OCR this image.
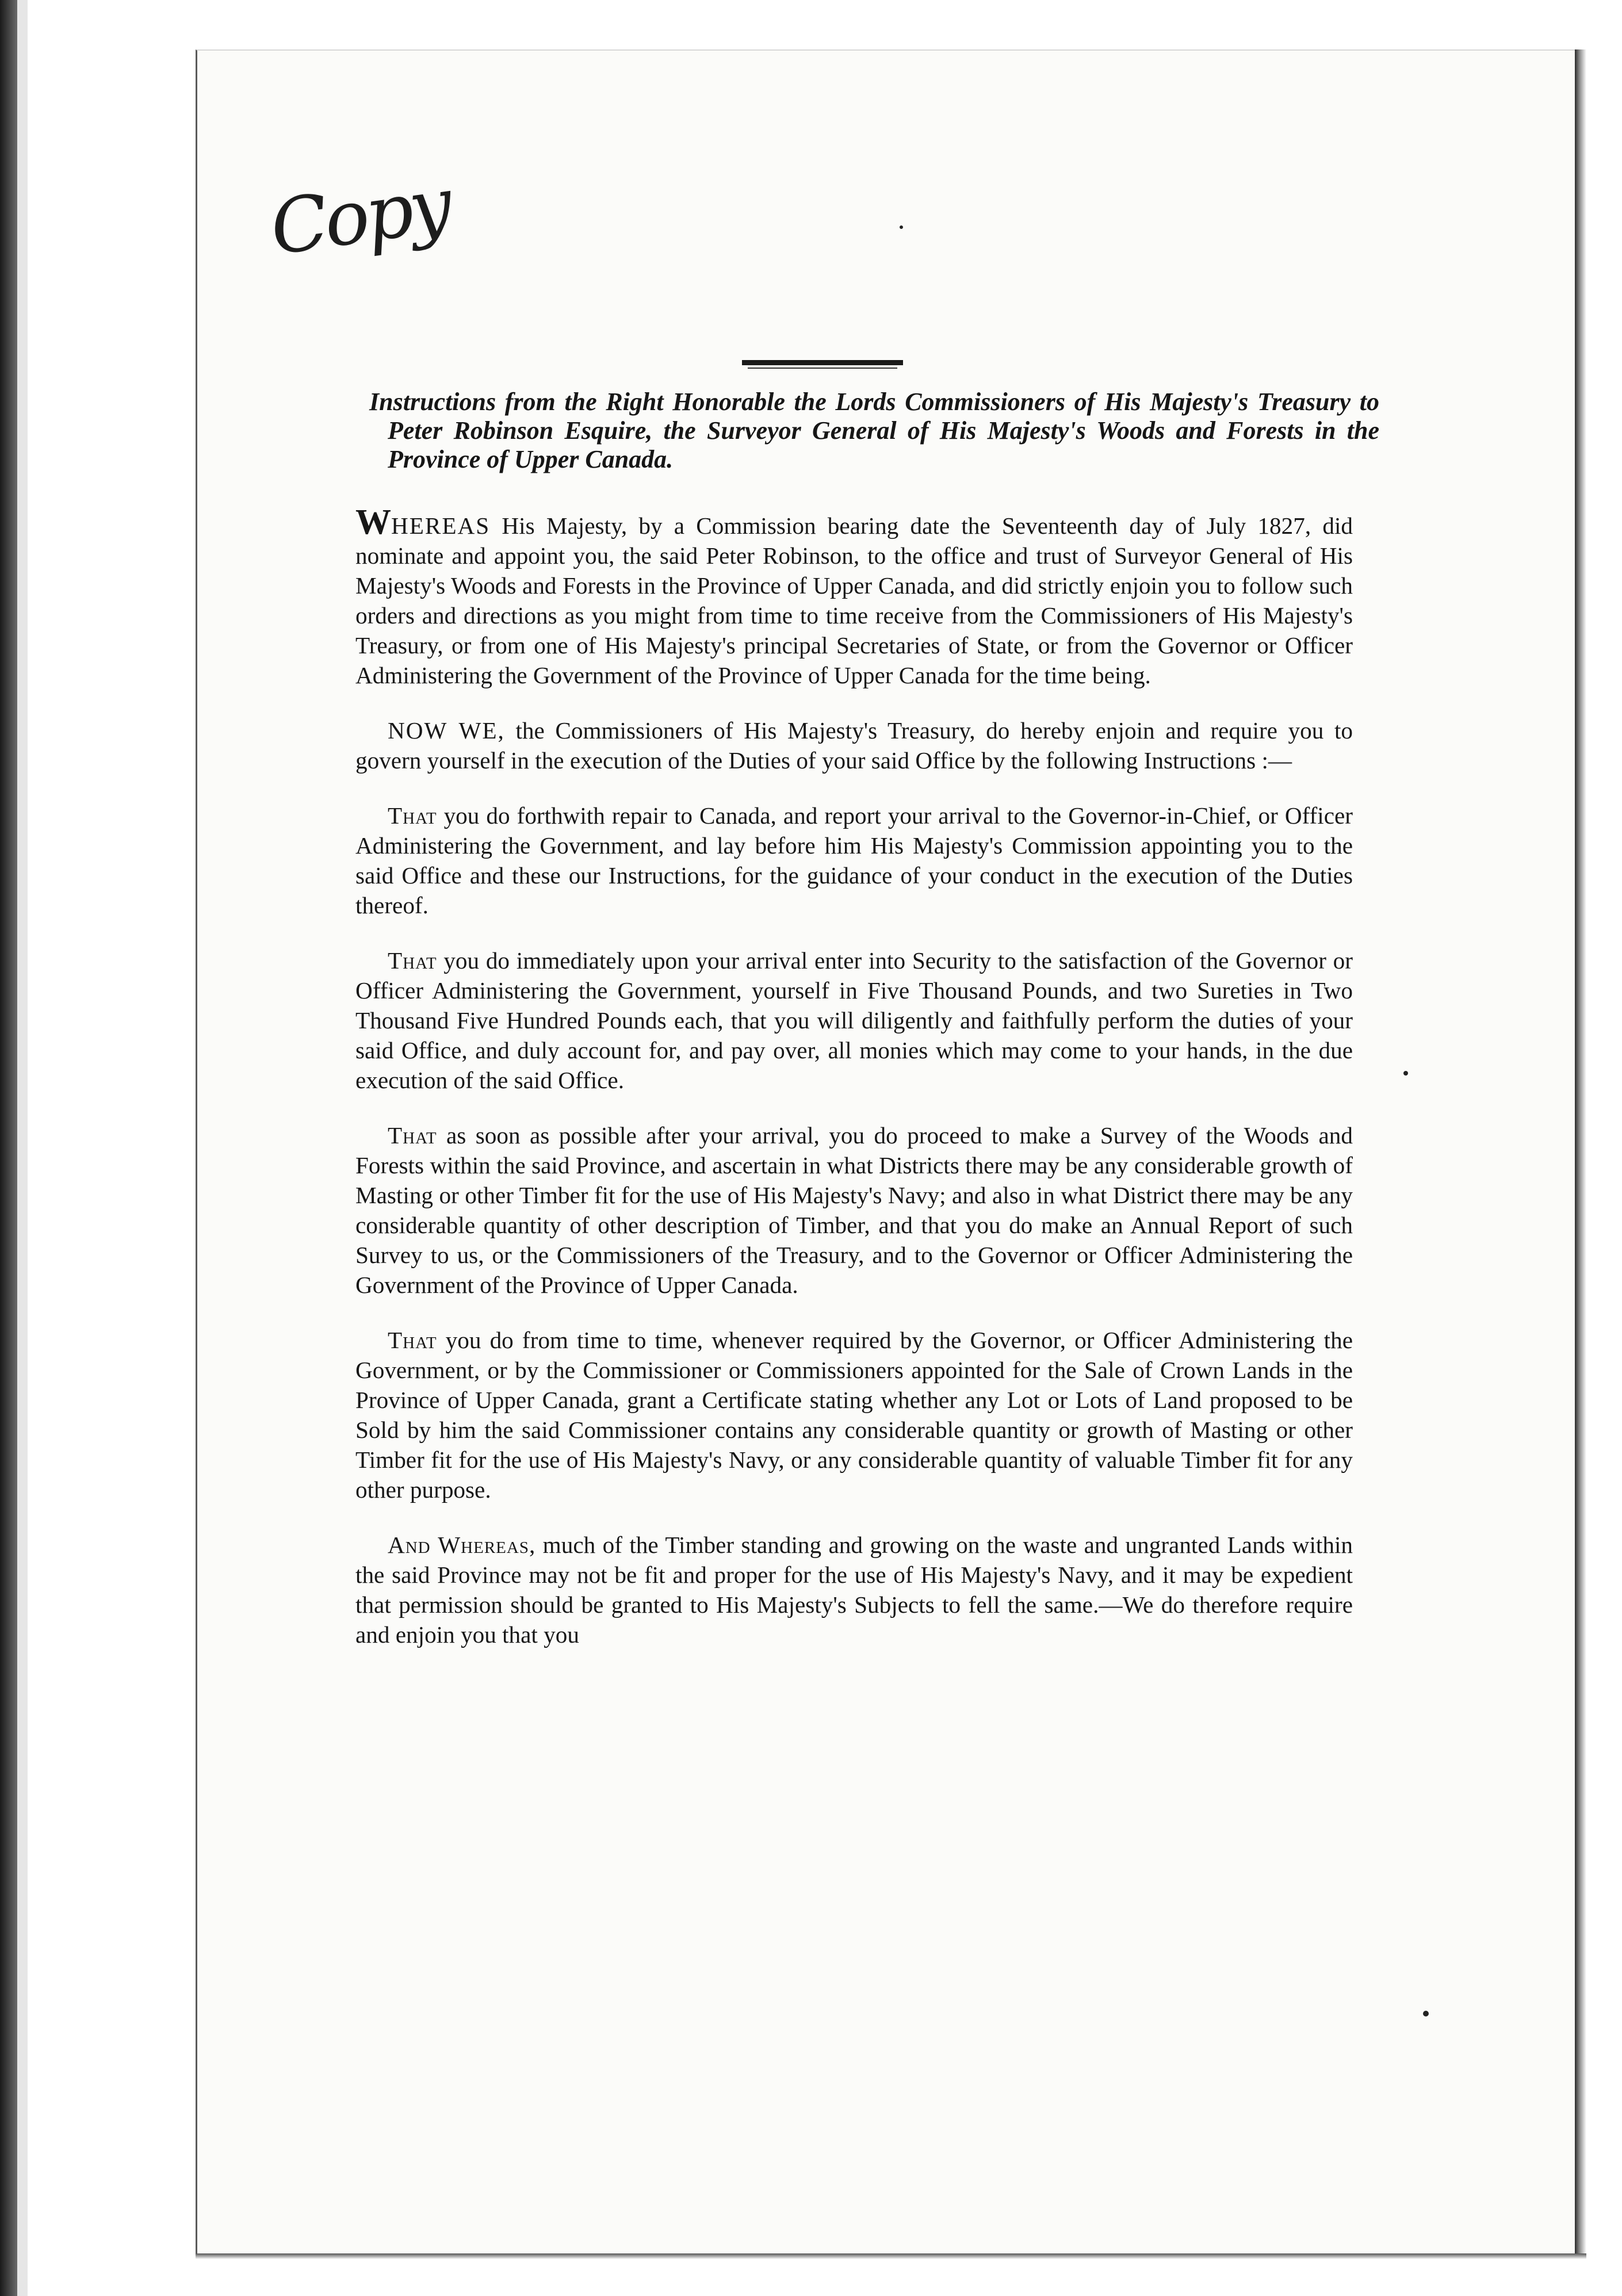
Copy

Instructions from the Right Honorable the Lords Commissioners of His Majesty's Treasury to Peter Robinson Esquire, the Surveyor General of His Majesty's Woods and Forests in the Province of Upper Canada.

WHEREAS His Majesty, by a Commission bearing date the Seventeenth day of July 1827, did nominate and appoint you, the said Peter Robinson, to the office and trust of Surveyor General of His Majesty's Woods and Forests in the Province of Upper Canada, and did strictly enjoin you to follow such orders and directions as you might from time to time receive from the Commissioners of His Majesty's Treasury, or from one of His Majesty's principal Secretaries of State, or from the Governor or Officer Administering the Government of the Province of Upper Canada for the time being.

NOW WE, the Commissioners of His Majesty's Treasury, do hereby enjoin and require you to govern yourself in the execution of the Duties of your said Office by the following Instructions :—

That you do forthwith repair to Canada, and report your arrival to the Governor-in-Chief, or Officer Administering the Government, and lay before him His Majesty's Commission appointing you to the said Office and these our Instructions, for the guidance of your conduct in the execution of the Duties thereof.

That you do immediately upon your arrival enter into Security to the satisfaction of the Governor or Officer Administering the Government, yourself in Five Thousand Pounds, and two Sureties in Two Thousand Five Hundred Pounds each, that you will diligently and faithfully perform the duties of your said Office, and duly account for, and pay over, all monies which may come to your hands, in the due execution of the said Office.

That as soon as possible after your arrival, you do proceed to make a Survey of the Woods and Forests within the said Province, and ascertain in what Districts there may be any considerable growth of Masting or other Timber fit for the use of His Majesty's Navy; and also in what District there may be any considerable quantity of other description of Timber, and that you do make an Annual Report of such Survey to us, or the Commissioners of the Treasury, and to the Governor or Officer Administering the Government of the Province of Upper Canada.

That you do from time to time, whenever required by the Governor, or Officer Administering the Government, or by the Commissioner or Commissioners appointed for the Sale of Crown Lands in the Province of Upper Canada, grant a Certificate stating whether any Lot or Lots of Land proposed to be Sold by him the said Commissioner contains any considerable quantity or growth of Masting or other Timber fit for the use of His Majesty's Navy, or any considerable quantity of valuable Timber fit for any other purpose.

And Whereas, much of the Timber standing and growing on the waste and ungranted Lands within the said Province may not be fit and proper for the use of His Majesty's Navy, and it may be expedient that permission should be granted to His Majesty's Subjects to fell the same.—We do therefore require and enjoin you that you
